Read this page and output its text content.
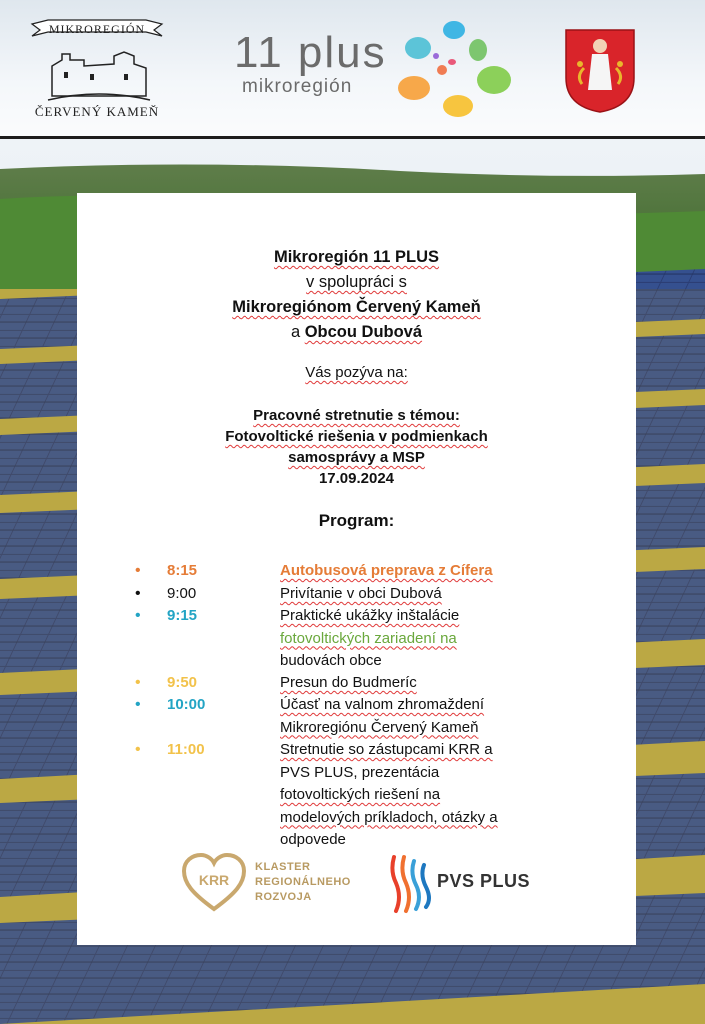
MIKROREGIÓN
ČERVENÝ KAMEŇ
11 plus
mikroregión
Mikroregión 11 PLUS
v spolupráci s
Mikroregiónom Červený Kameň
a Obcou Dubová
Vás pozýva na:
Pracovné stretnutie s témou:
Fotovoltické riešenia v podmienkach
samosprávy a MSP
17.09.2024
Program:
• 8:15	Autobusová preprava z Cífera
• 9:00	Privítanie v obci Dubová
• 9:15	Praktické ukážky inštalácie
fotovoltických zariadení na
budovách obce
• 9:50	Presun do Budmeríc
• 10:00	Účasť na valnom zhromaždení
Mikroregiónu Červený Kameň
• 11:00	Stretnutie so zástupcami KRR a
PVS PLUS, prezentácia
fotovoltických riešení na
modelových príkladoch, otázky a
odpovede
KRR
KLASTER
REGIONÁLNEHO
ROZVOJA
PVS PLUS
